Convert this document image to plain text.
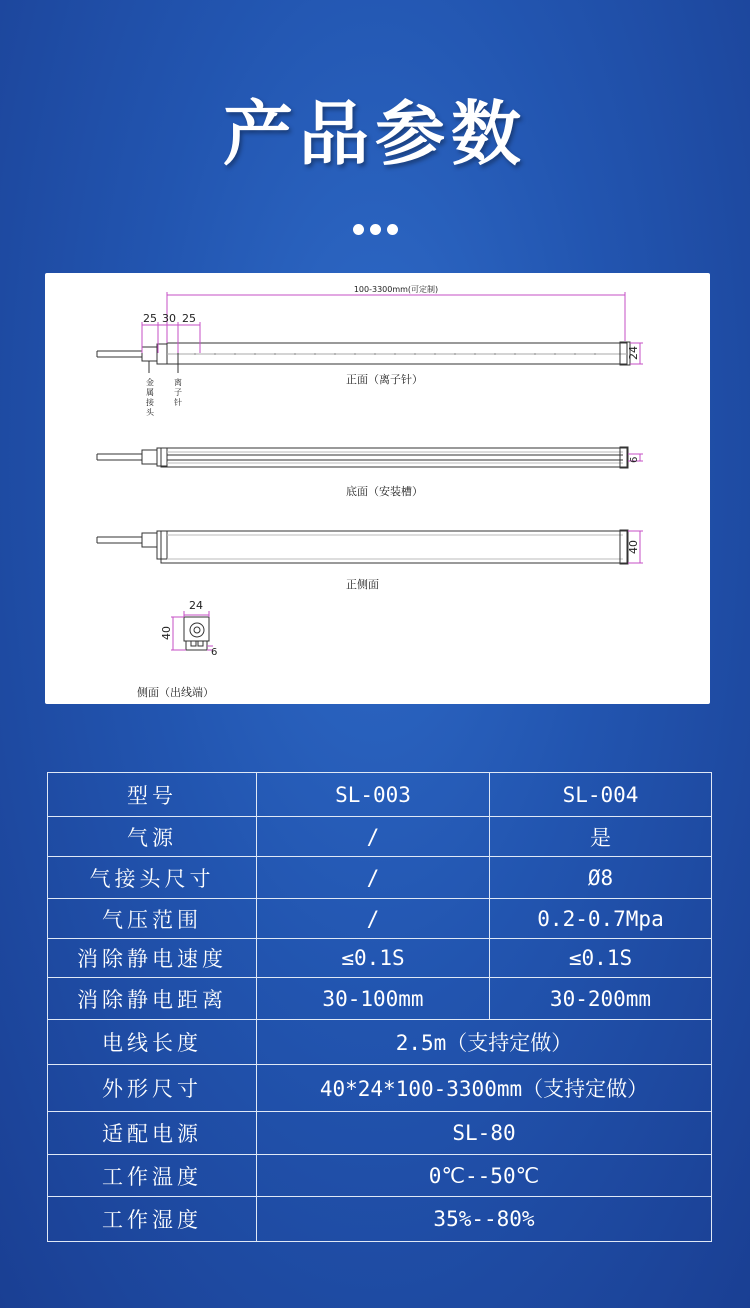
产品参数
100-3300mm(可定制)
25 30 25
24
6
40
24
40
6
金
属
接
头
离
子
针
正面（离子针）
底面（安装槽）
正侧面
侧面（出线端）
型号	SL-003	SL-004
气源	/	是
气接头尺寸	/	Ø8
气压范围	/	0.2-0.7Mpa
消除静电速度	≤0.1S	≤0.1S
消除静电距离	30-100mm	30-200mm
电线长度	2.5m（支持定做）	
外形尺寸	40*24*100-3300mm（支持定做）	
适配电源	SL-80	
工作温度	0℃--50℃	
工作湿度	35%--80%	
